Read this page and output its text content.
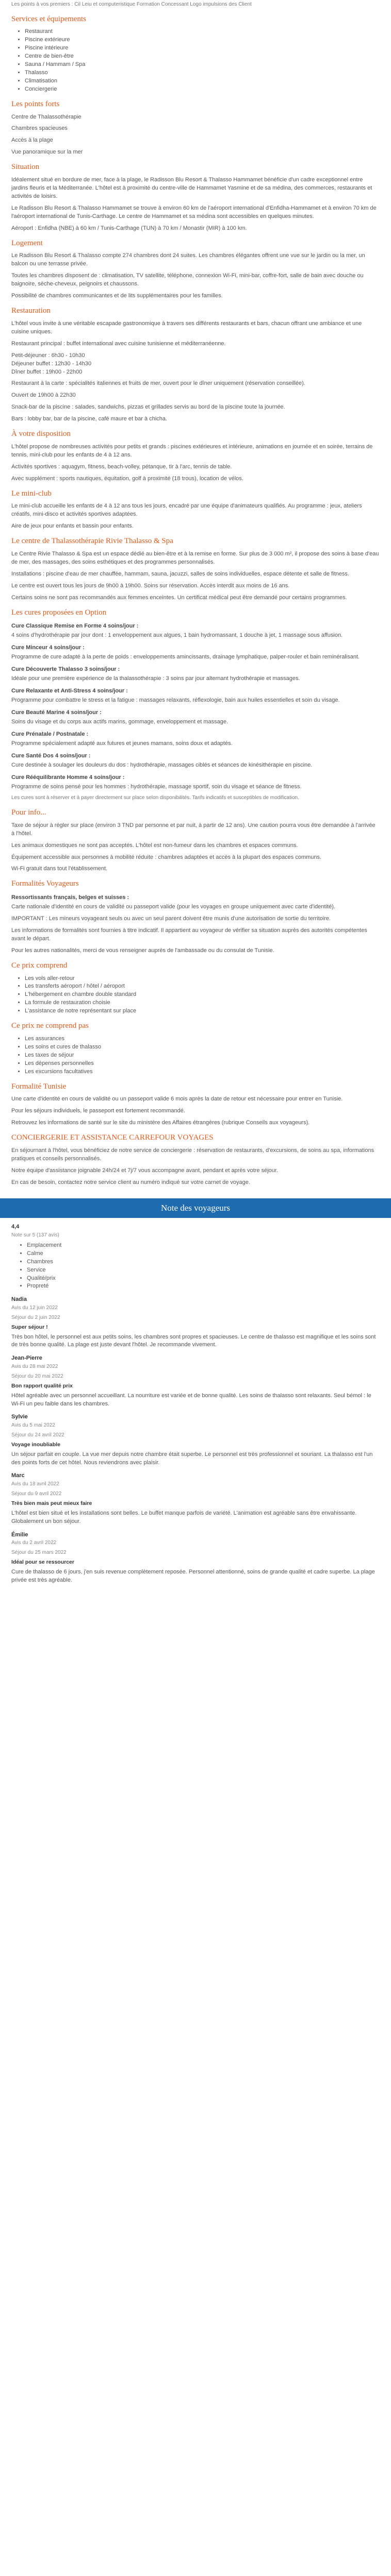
Les points à vos premiers : Cil Leiu et computeristique Formation Concessant Logo impulsions des Client
Services et équipements
• Restaurant
• Piscine extérieure
• Piscine intérieure
• Centre de bien-être
• Sauna / Hammam / Spa
• Thalasso
• Climatisation
• Conciergerie
Les points forts

Centre de Thalassothérapie

Chambres spacieuses

Accès à la plage

Vue panoramique sur la mer

Situation

Idéalement situé en bordure de mer, face à la plage, le Radisson Blu Resort & Thalasso Hammamet bénéficie d'un cadre exceptionnel entre jardins fleuris et la Méditerranée. L'hôtel est à proximité du centre-ville de Hammamet Yasmine et de sa médina, des commerces, restaurants et activités de loisirs.

Le Radisson Blu Resort & Thalasso Hammamet se trouve à environ 60 km de l'aéroport international d'Enfidha-Hammamet et à environ 70 km de l'aéroport international de Tunis-Carthage. Le centre de Hammamet et sa médina sont accessibles en quelques minutes.

Aéroport : Enfidha (NBE) à 60 km / Tunis-Carthage (TUN) à 70 km / Monastir (MIR) à 100 km.

Logement

Le Radisson Blu Resort & Thalasso compte 274 chambres dont 24 suites. Les chambres élégantes offrent une vue sur le jardin ou la mer, un balcon ou une terrasse privée.

Toutes les chambres disposent de : climatisation, TV satellite, téléphone, connexion Wi-Fi, mini-bar, coffre-fort, salle de bain avec douche ou baignoire, sèche-cheveux, peignoirs et chaussons.

Possibilité de chambres communicantes et de lits supplémentaires pour les familles.

Restauration

L'hôtel vous invite à une véritable escapade gastronomique à travers ses différents restaurants et bars, chacun offrant une ambiance et une cuisine uniques.

Restaurant principal : buffet international avec cuisine tunisienne et méditerranéenne.

Petit-déjeuner : 6h30 - 10h30
Déjeuner buffet : 12h30 - 14h30
Dîner buffet : 19h00 - 22h00

Restaurant à la carte : spécialités italiennes et fruits de mer, ouvert pour le dîner uniquement (réservation conseillée).

Ouvert de 19h00 à 22h30

Snack-bar de la piscine : salades, sandwichs, pizzas et grillades servis au bord de la piscine toute la journée.

Bars : lobby bar, bar de la piscine, café maure et bar à chicha.

À votre disposition

L'hôtel propose de nombreuses activités pour petits et grands : piscines extérieures et intérieure, animations en journée et en soirée, terrains de tennis, mini-club pour les enfants de 4 à 12 ans.

Activités sportives : aquagym, fitness, beach-volley, pétanque, tir à l'arc, tennis de table.

Avec supplément : sports nautiques, équitation, golf à proximité (18 trous), location de vélos.

Le mini-club

Le mini-club accueille les enfants de 4 à 12 ans tous les jours, encadré par une équipe d'animateurs qualifiés. Au programme : jeux, ateliers créatifs, mini-disco et activités sportives adaptées.

Aire de jeux pour enfants et bassin pour enfants.

Le centre de Thalassothérapie Rivie Thalasso & Spa

Le Centre Rivie Thalasso & Spa est un espace dédié au bien-être et à la remise en forme. Sur plus de 3 000 m², il propose des soins à base d'eau de mer, des massages, des soins esthétiques et des programmes personnalisés.

Installations : piscine d'eau de mer chauffée, hammam, sauna, jacuzzi, salles de soins individuelles, espace détente et salle de fitness.

Le centre est ouvert tous les jours de 9h00 à 19h00. Soins sur réservation. Accès interdit aux moins de 16 ans.

Certains soins ne sont pas recommandés aux femmes enceintes. Un certificat médical peut être demandé pour certains programmes.

Les cures proposées en Option
Cure Classique Remise en Forme 4 soins/jour :

4 soins d'hydrothérapie par jour dont : 1 enveloppement aux algues, 1 bain hydromassant, 1 douche à jet, 1 massage sous affusion.

Cure Minceur 4 soins/jour :

Programme de cure adapté à la perte de poids : enveloppements amincissants, drainage lymphatique, palper-rouler et bain reminéralisant.

Cure Découverte Thalasso 3 soins/jour :

Idéale pour une première expérience de la thalassothérapie : 3 soins par jour alternant hydrothérapie et massages.

Cure Relaxante et Anti-Stress 4 soins/jour :

Programme pour combattre le stress et la fatigue : massages relaxants, réflexologie, bain aux huiles essentielles et soin du visage.

Cure Beauté Marine 4 soins/jour :

Soins du visage et du corps aux actifs marins, gommage, enveloppement et massage.

Cure Prénatale / Postnatale :

Programme spécialement adapté aux futures et jeunes mamans, soins doux et adaptés.

Cure Santé Dos 4 soins/jour :

Cure destinée à soulager les douleurs du dos : hydrothérapie, massages ciblés et séances de kinésithérapie en piscine.

Cure Rééquilibrante Homme 4 soins/jour :

Programme de soins pensé pour les hommes : hydrothérapie, massage sportif, soin du visage et séance de fitness.

Les cures sont à réserver et à payer directement sur place selon disponibilités. Tarifs indicatifs et susceptibles de modification.

Pour info...

Taxe de séjour à régler sur place (environ 3 TND par personne et par nuit, à partir de 12 ans). Une caution pourra vous être demandée à l'arrivée à l'hôtel.

Les animaux domestiques ne sont pas acceptés. L'hôtel est non-fumeur dans les chambres et espaces communs.

Équipement accessible aux personnes à mobilité réduite : chambres adaptées et accès à la plupart des espaces communs.

Wi-Fi gratuit dans tout l'établissement.

Formalités Voyageurs
Ressortissants français, belges et suisses :

Carte nationale d'identité en cours de validité ou passeport valide (pour les voyages en groupe uniquement avec carte d'identité).

IMPORTANT : Les mineurs voyageant seuls ou avec un seul parent doivent être munis d'une autorisation de sortie du territoire.

Les informations de formalités sont fournies à titre indicatif. Il appartient au voyageur de vérifier sa situation auprès des autorités compétentes avant le départ.

Pour les autres nationalités, merci de vous renseigner auprès de l'ambassade ou du consulat de Tunisie.

Ce prix comprend
• Les vols aller-retour
• Les transferts aéroport / hôtel / aéroport
• L'hébergement en chambre double standard
• La formule de restauration choisie
• L'assistance de notre représentant sur place
Ce prix ne comprend pas
• Les assurances
• Les soins et cures de thalasso
• Les taxes de séjour
• Les dépenses personnelles
• Les excursions facultatives
Formalité Tunisie

Une carte d'identité en cours de validité ou un passeport valide 6 mois après la date de retour est nécessaire pour entrer en Tunisie.

Pour les séjours individuels, le passeport est fortement recommandé.

Retrouvez les informations de santé sur le site du ministère des Affaires étrangères (rubrique Conseils aux voyageurs).

CONCIERGERIE ET ASSISTANCE CARREFOUR VOYAGES

En séjournant à l'hôtel, vous bénéficiez de notre service de conciergerie : réservation de restaurants, d'excursions, de soins au spa, informations pratiques et conseils personnalisés.

Notre équipe d'assistance joignable 24h/24 et 7j/7 vous accompagne avant, pendant et après votre séjour.

En cas de besoin, contactez notre service client au numéro indiqué sur votre carnet de voyage.

Note des voyageurs
4,4
Note sur 5 (137 avis)
• Emplacement
• Calme
• Chambres
• Service
• Qualité/prix
• Propreté
Nadia
Avis du 12 juin 2022
Séjour du 2 juin 2022
Super séjour !

Très bon hôtel, le personnel est aux petits soins, les chambres sont propres et spacieuses. Le centre de thalasso est magnifique et les soins sont de très bonne qualité. La plage est juste devant l'hôtel. Je recommande vivement.

Jean-Pierre
Avis du 28 mai 2022
Séjour du 20 mai 2022
Bon rapport qualité prix

Hôtel agréable avec un personnel accueillant. La nourriture est variée et de bonne qualité. Les soins de thalasso sont relaxants. Seul bémol : le Wi-Fi un peu faible dans les chambres.

Sylvie
Avis du 5 mai 2022
Séjour du 24 avril 2022
Voyage inoubliable

Un séjour parfait en couple. La vue mer depuis notre chambre était superbe. Le personnel est très professionnel et souriant. La thalasso est l'un des points forts de cet hôtel. Nous reviendrons avec plaisir.

Marc
Avis du 18 avril 2022
Séjour du 9 avril 2022
Très bien mais peut mieux faire

L'hôtel est bien situé et les installations sont belles. Le buffet manque parfois de variété. L'animation est agréable sans être envahissante. Globalement un bon séjour.

Émilie
Avis du 2 avril 2022
Séjour du 25 mars 2022
Idéal pour se ressourcer

Cure de thalasso de 6 jours, j'en suis revenue complètement reposée. Personnel attentionné, soins de grande qualité et cadre superbe. La plage privée est très agréable.
